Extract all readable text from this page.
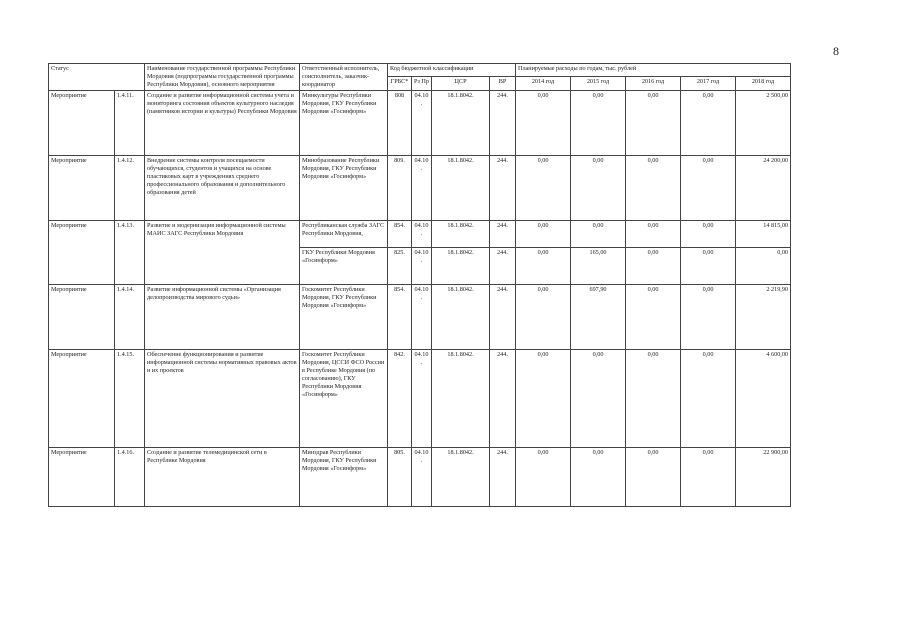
8
Статус		Наименование государственной программы Республики Мордовия (подпрограммы государственной программы Республики Мордовия), основного мероприятия	Ответственный исполнитель, соисполнитель, заказчик-координатор	Код бюджетной классификации				Планируемые расходы по годам, тыс. рублей				
				ГРБС*	Рз Пр	ЦСР	ВР	2014 год	2015 год	2016 год	2017 год	2018 год
Мероприятие	1.4.11.	Создание и развитие информационной системы учета и мониторинга состояния объектов культурного наследия (памятников истории и культуры) Республики Мордовия	Минкультуры Республики Мордовия, ГКУ Республики Мордовия «Госинформ»	808	04.10.	18.1.8042.	244.	0,00	0,00	0,00	0,00	2 500,00
Мероприятие	1.4.12.	Внедрение системы контроля посещаемости обучающихся, студентов и учащихся на основе пластиковых карт в учреждениях среднего профессионального образования и дополнительного образования детей	Минобразование Республики Мордовия, ГКУ Республики Мордовия «Госинформ»	809.	04.10.	18.1.8042.	244.	0,00	0,00	0,00	0,00	24 200,00
Мероприятие	1.4.13.	Развитие и модернизация информационной системы МАИС ЗАГС Республики Мордовия	Республиканская служба ЗАГС Республики Мордовия,	854.	04.10.	18.1.8042.	244.	0,00	0,00	0,00	0,00	14 815,00
			ГКУ Республики Мордовия «Госинформ»	825.	04.10.	18.1.8042.	244.	0,00	165,00	0,00	0,00	0,00
Мероприятие	1.4.14.	Развитие информационной системы «Организация делопроизводства мирового судьи»	Госкомитет Республики Мордовия, ГКУ Республики Мордовия «Госинформ»	854.	04.10.	18.1.8042.	244.	0,00	697,90	0,00	0,00	2 219,90
Мероприятие	1.4.15.	Обеспечение функционирования и развитие информационной системы нормативных правовых актов и их проектов	Госкомитет Республики Мордовия, ЦССИ ФСО России в Республике Мордовия (по согласованию), ГКУ Республики Мордовия «Госинформ»	842.	04.10.	18.1.8042.	244.	0,00	0,00	0,00	0,00	4 600,00
Мероприятие	1.4.16.	Создание и развитие телемедицинской сети в Республике Мордовия	Минздрав Республики Мордовия, ГКУ Республики Мордовия «Госинформ»	805.	04.10.	18.1.8042.	244.	0,00	0,00	0,00	0,00	22 900,00
